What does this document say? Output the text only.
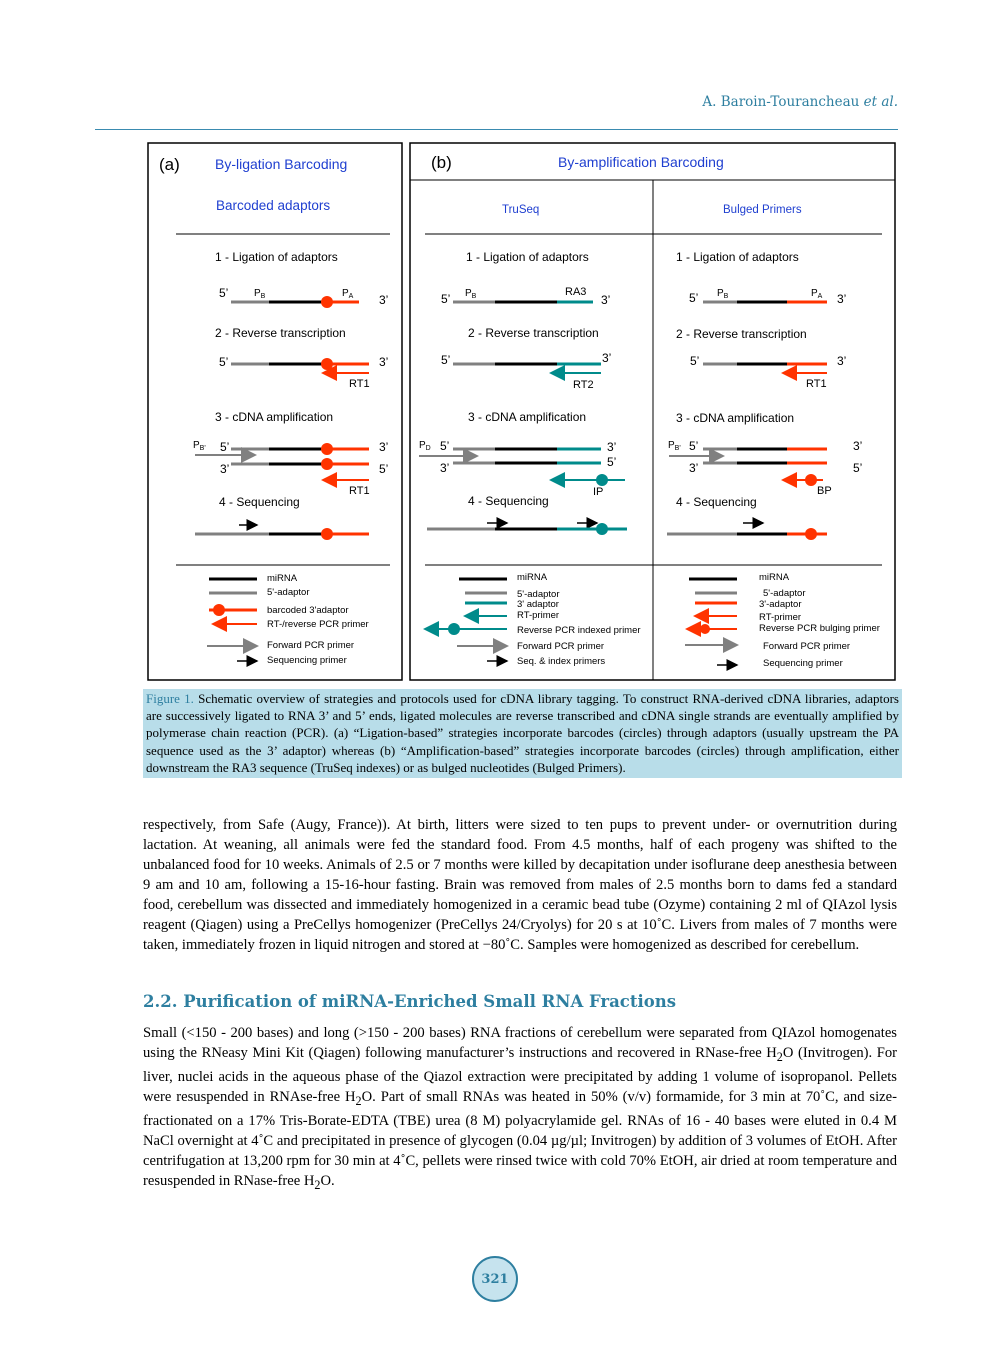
A. Baroin-Tourancheau et al.
(a)	By-ligation Barcoding
Barcoded adaptors
1 - Ligation of adaptors
5’	$P_B$	$P_A$ 3’
2 - Reverse transcription
5’	3’
RT1
3 - cDNA amplification
$P_{B'}$ 5’	3’
3’	5’
RT1
4 - Sequencing
miRNA
5'-adaptor
barcoded 3'adaptor
RT-/reverse PCR primer
Forward PCR primer
Sequencing primer
(b)	By-amplification Barcoding
TruSeq	Bulged Primers
1 - Ligation of adaptors
5’ $P_B$	RA3
3’
2 - Reverse transcription
5’	3’
RT2
3 - cDNA amplification
$P_D$ 5’	3’
3’	5’
IP
4 - Sequencing
miRNA
5'-adaptor
3' adaptor
RT-primer
Reverse PCR indexed primer
Forward PCR primer
Seq. & index primers
1 - Ligation of adaptors
5’ $P_B$	$P_A$ 3’
2 - Reverse transcription
5’	3’
RT1
3 - cDNA amplification
$P_{B'}$ 5’	3’
3’	5’
BP
4 - Sequencing
miRNA
5'-adaptor
3'-adaptor
RT-primer
Reverse PCR bulging primer
Forward PCR primer
Sequencing primer
Figure 1. Schematic overview of strategies and protocols used for cDNA library tagging. To construct RNA-derived cDNA libraries, adaptors are successively ligated to RNA 3’ and 5’ ends, ligated molecules are reverse transcribed and cDNA single strands are eventually amplified by polymerase chain reaction (PCR). (a) “Ligation-based” strategies incorporate barcodes (circles) through adaptors (usually upstream the PA sequence used as the 3’ adaptor) whereas (b) “Amplification-based” strategies incorporate barcodes (circles) through amplification, either downstream the RA3 sequence (TruSeq indexes) or as bulged nucleotides (Bulged Primers).
respectively, from Safe (Augy, France)). At birth, litters were sized to ten pups to prevent under- or overnutrition during lactation. At weaning, all animals were fed the standard food. From 4.5 months, half of each progeny was shifted to the unbalanced food for 10 weeks. Animals of 2.5 or 7 months were killed by decapitation under isoflurane deep anesthesia between 9 am and 10 am, following a 15-16-hour fasting. Brain was removed from males of 2.5 months born to dams fed a standard food, cerebellum was dissected and immediately homogenized in a ceramic bead tube (Ozyme) containing 2 ml of QIAzol lysis reagent (Qiagen) using a PreCellys homogenizer (PreCellys 24/Cryolys) for 20 s at 10˚C. Livers from males of 7 months were taken, immediately frozen in liquid nitrogen and stored at −80˚C. Samples were homogenized as described for cerebellum.
2.2. Purification of miRNA-Enriched Small RNA Fractions
Small (<150 - 200 bases) and long (>150 - 200 bases) RNA fractions of cerebellum were separated from QIAzol homogenates using the RNeasy Mini Kit (Qiagen) following manufacturer’s instructions and recovered in RNase-free $H_2O$ (Invitrogen). For liver, nuclei acids in the aqueous phase of the Qiazol extraction were precipitated by adding 1 volume of isopropanol. Pellets were resuspended in RNAse-free $H_2O$. Part of small RNAs was heated in 50% (v/v) formamide, for 3 min at 70˚C, and size-fractionated on a 17% Tris-Borate-EDTA (TBE) urea (8 M) polyacrylamide gel. RNAs of 16 - 40 bases were eluted in 0.4 M NaCl overnight at 4˚C and precipitated in presence of glycogen (0.04 µg/µl; Invitrogen) by addition of 3 volumes of EtOH. After centrifugation at 13,200 rpm for 30 min at 4˚C, pellets were rinsed twice with cold 70% EtOH, air dried at room temperature and resuspended in RNase-free $H_2O$.
321
